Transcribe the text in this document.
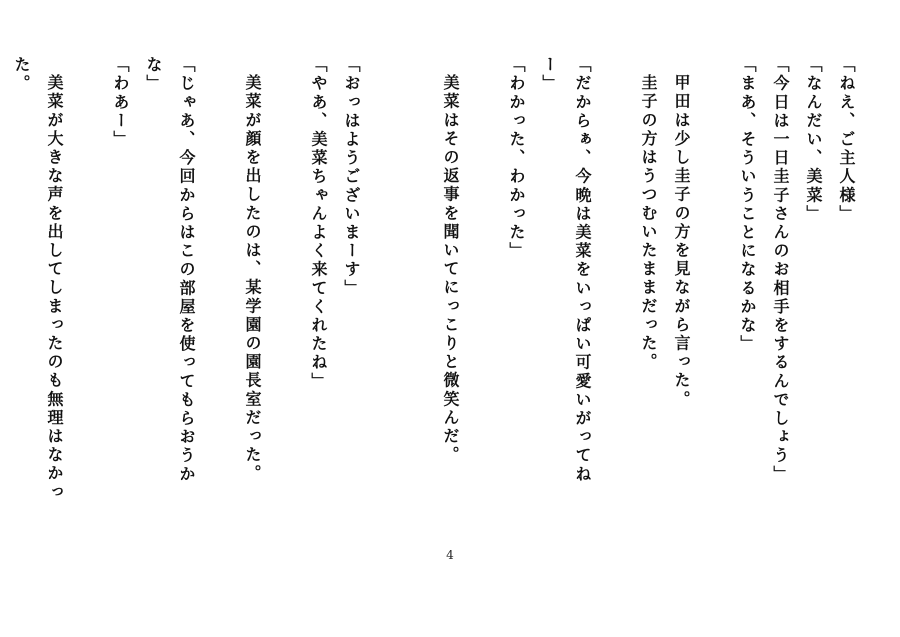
「ねえ、ご主人様」
「なんだい、美菜」
「今日は一日圭子さんのお相手をするんでしょう」
「まあ、そういうことになるかな」
甲田は少し圭子の方を見ながら言った。
圭子の方はうつむいたままだった。
「だからぁ、今晩は美菜をいっぱい可愛いがってね
ー」
「わかった、わかった」
美菜はその返事を聞いてにっこりと微笑んだ。
「おっはようございまーす」
「やあ、美菜ちゃんよく来てくれたね」
美菜が顔を出したのは、某学園の園長室だった。
「じゃあ、今回からはこの部屋を使ってもらおうか
な」
「わあー」
美菜が大きな声を出してしまったのも無理はなかっ
た。
4
